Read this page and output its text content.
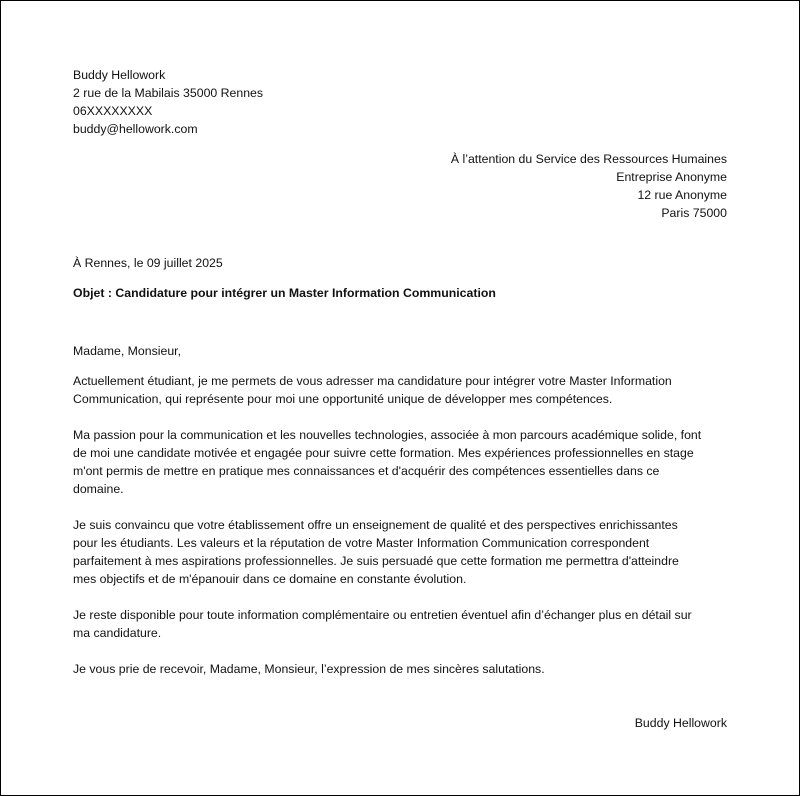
Buddy Hellowork
2 rue de la Mabilais 35000 Rennes
06XXXXXXXX
buddy@hellowork.com
À l’attention du Service des Ressources Humaines
Entreprise Anonyme
12 rue Anonyme
Paris 75000
À Rennes, le 09 juillet 2025
Objet : Candidature pour intégrer un Master Information Communication
Madame, Monsieur,
Actuellement étudiant, je me permets de vous adresser ma candidature pour intégrer votre Master Information
Communication, qui représente pour moi une opportunité unique de développer mes compétences.
Ma passion pour la communication et les nouvelles technologies, associée à mon parcours académique solide, font
de moi une candidate motivée et engagée pour suivre cette formation. Mes expériences professionnelles en stage
m'ont permis de mettre en pratique mes connaissances et d'acquérir des compétences essentielles dans ce
domaine.
Je suis convaincu que votre établissement offre un enseignement de qualité et des perspectives enrichissantes
pour les étudiants. Les valeurs et la réputation de votre Master Information Communication correspondent
parfaitement à mes aspirations professionnelles. Je suis persuadé que cette formation me permettra d'atteindre
mes objectifs et de m'épanouir dans ce domaine en constante évolution.
Je reste disponible pour toute information complémentaire ou entretien éventuel afin d’échanger plus en détail sur
ma candidature.
Je vous prie de recevoir, Madame, Monsieur, l’expression de mes sincères salutations.
Buddy Hellowork
